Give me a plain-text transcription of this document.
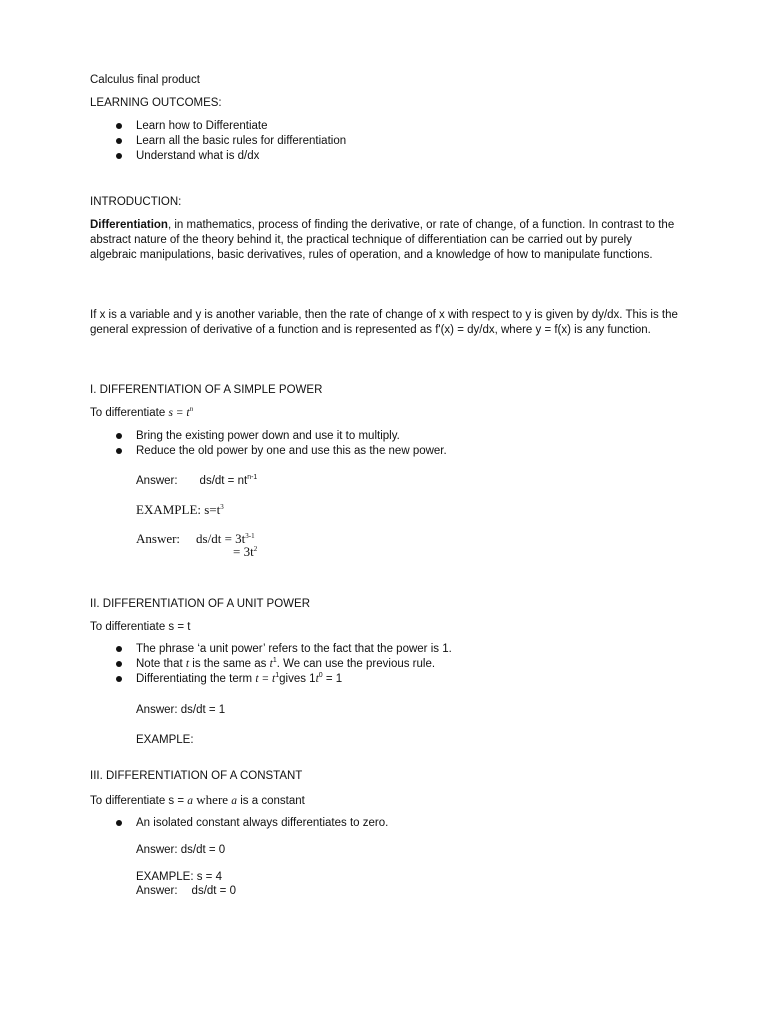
Calculus final product
LEARNING OUTCOMES:
Learn how to Differentiate
Learn all the basic rules for differentiation
Understand what is d/dx
INTRODUCTION:
Differentiation, in mathematics, process of finding the derivative, or rate of change, of a function. In contrast to the abstract nature of the theory behind it, the practical technique of differentiation can be carried out by purely algebraic manipulations, basic derivatives, rules of operation, and a knowledge of how to manipulate functions.
If x is a variable and y is another variable, then the rate of change of x with respect to y is given by dy/dx. This is the general expression of derivative of a function and is represented as f'(x) = dy/dx, where y = f(x) is any function.
I. DIFFERENTIATION OF A SIMPLE POWER
To differentiate $s = t^n$
Bring the existing power down and use it to multiply.
Reduce the old power by one and use this as the new power.
Answer: $ds/dt = nt^{n-1}$
EXAMPLE: $s=t^3$
Answer: $ds/dt = 3t^{3-1}$
= $3t^2$
II. DIFFERENTIATION OF A UNIT POWER
To differentiate s = t
The phrase ‘a unit power’ refers to the fact that the power is 1.
Note that t is the same as $t^1$. We can use the previous rule.
Differentiating the term $t = t^1gives$ $1t^0 = 1$
Answer: ds/dt = 1
EXAMPLE:
III. DIFFERENTIATION OF A CONSTANT
To differentiate s = a where a is a constant
An isolated constant always differentiates to zero.
Answer: ds/dt = 0
EXAMPLE: s = 4
Answer: ds/dt = 0
